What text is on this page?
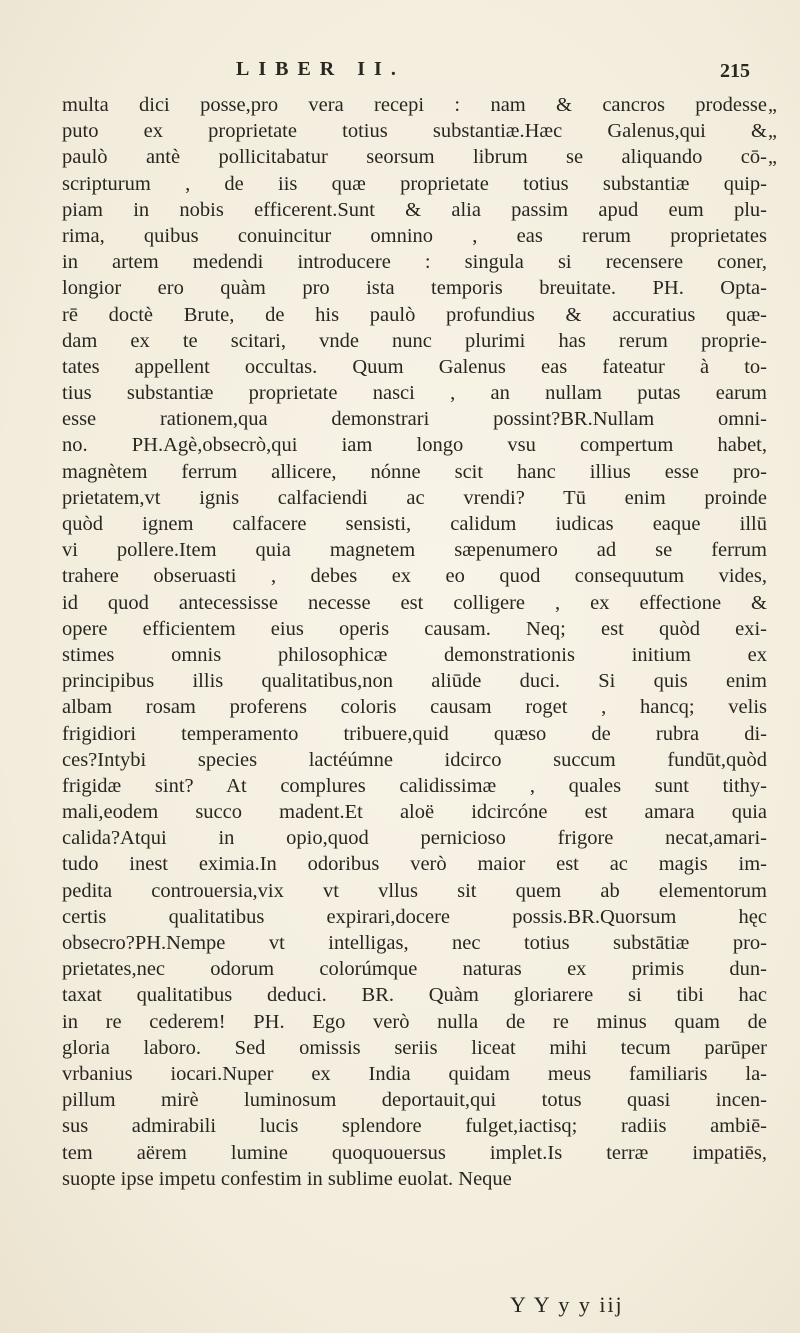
LIBER II.	215
multa dici posse,pro vera recepi : nam & cancros prodesse
puto ex proprietate totius substantiæ.Hæc Galenus,qui &
paulò antè pollicitabatur seorsum librum se aliquando cō-
scripturum , de iis quæ proprietate totius substantiæ quip-
piam in nobis efficerent.Sunt & alia passim apud eum plu-
rima, quibus conuincitur omnino , eas rerum proprietates
in artem medendi introducere : singula si recensere coner,
longior ero quàm pro ista temporis breuitate. PH. Opta-
rē doctè Brute, de his paulò profundius & accuratius quæ-
dam ex te scitari, vnde nunc plurimi has rerum proprie-
tates appellent occultas. Quum Galenus eas fateatur à to-
tius substantiæ proprietate nasci , an nullam putas earum
esse rationem,qua demonstrari possint?BR.Nullam omni-
no. PH.Agè,obsecrò,qui iam longo vsu compertum habet,
magnètem ferrum allicere, nónne scit hanc illius esse pro-
prietatem,vt ignis calfaciendi ac vrendi? Tū enim proinde
quòd ignem calfacere sensisti, calidum iudicas eaque illū
vi pollere.Item quia magnetem sæpenumero ad se ferrum
trahere obseruasti , debes ex eo quod consequutum vides,
id quod antecessisse necesse est colligere , ex effectione &
opere efficientem eius operis causam. Neq; est quòd exi-
stimes omnis philosophicæ demonstrationis initium ex
principibus illis qualitatibus,non aliūde duci. Si quis enim
albam rosam proferens coloris causam roget , hancq; velis
frigidiori temperamento tribuere,quid quæso de rubra di-
ces?Intybi species lactéúmne idcirco succum fundūt,quòd
frigidæ sint? At complures calidissimæ , quales sunt tithy-
mali,eodem succo madent.Et aloë idcircóne est amara quia
calida?Atqui in opio,quod pernicioso frigore necat,amari-
tudo inest eximia.In odoribus verò maior est ac magis im-
pedita controuersia,vix vt vllus sit quem ab elementorum
certis qualitatibus expirari,docere possis.BR.Quorsum hęc
obsecro?PH.Nempe vt intelligas, nec totius substātiæ pro-
prietates,nec odorum colorúmque naturas ex primis dun-
taxat qualitatibus deduci. BR. Quàm gloriarere si tibi hac
in re cederem! PH. Ego verò nulla de re minus quam de
gloria laboro. Sed omissis seriis liceat mihi tecum parūper
vrbanius iocari.Nuper ex India quidam meus familiaris la-
pillum mirè luminosum deportauit,qui totus quasi incen-
sus admirabili lucis splendore fulget,iactisq; radiis ambiē-
tem aërem lumine quoquouersus implet.Is terræ impatiēs,
suopte ipse impetu confestim in sublime euolat. Neque
„
„
„
Y Y y y iij
